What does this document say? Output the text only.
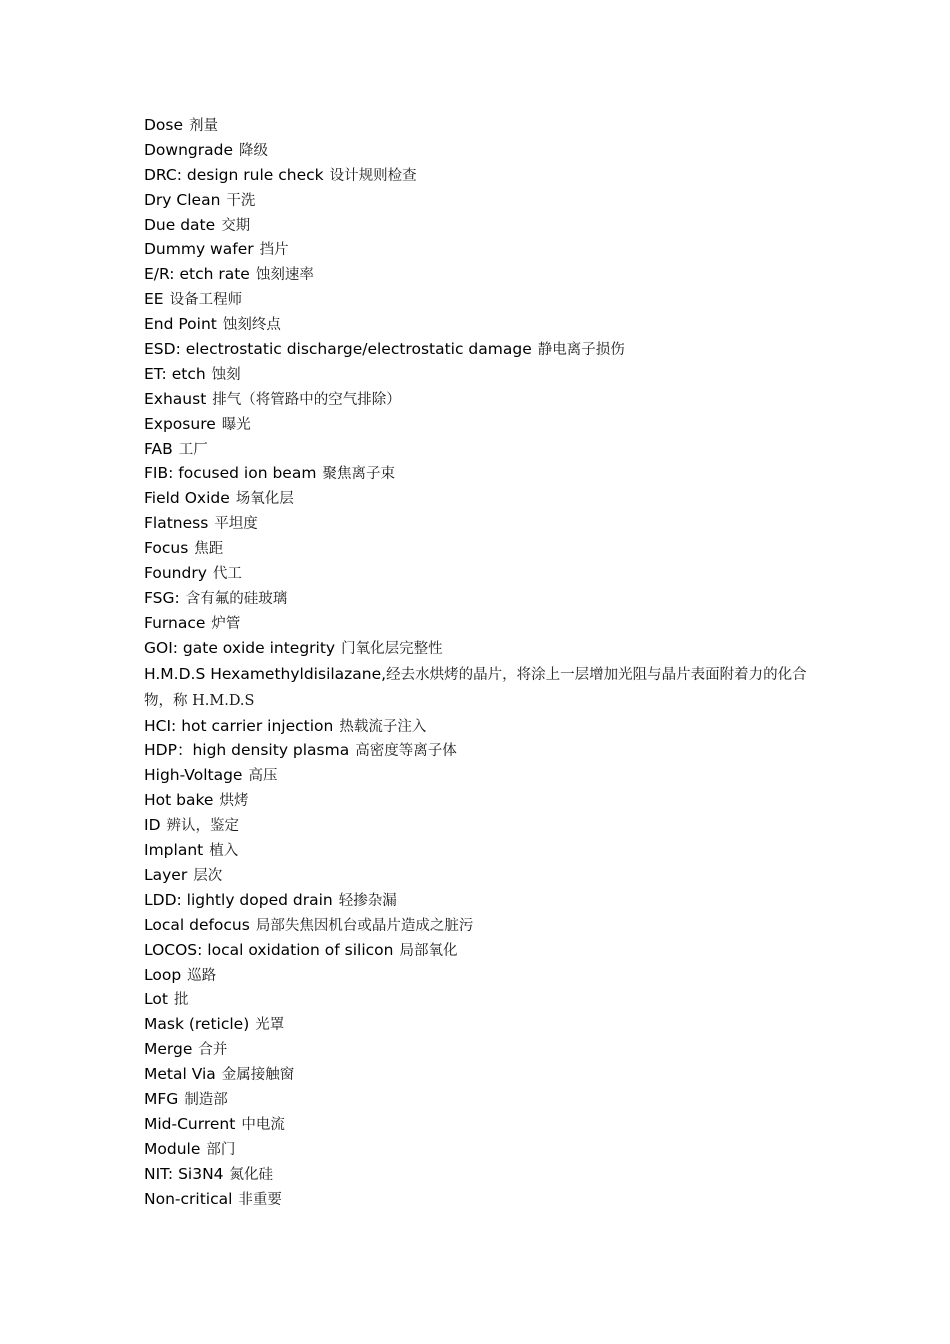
Dose 剂量
Downgrade 降级
DRC: design rule check 设计规则检查
Dry Clean 干洗
Due date 交期
Dummy wafer 挡片
E/R: etch rate 蚀刻速率
EE 设备工程师
End Point 蚀刻终点
ESD: electrostatic discharge/electrostatic damage 静电离子损伤
ET: etch 蚀刻
Exhaust 排气（将管路中的空气排除）
Exposure 曝光
FAB 工厂
FIB: focused ion beam 聚焦离子束
Field Oxide 场氧化层
Flatness 平坦度
Focus 焦距
Foundry 代工
FSG: 含有氟的硅玻璃
Furnace 炉管
GOI: gate oxide integrity 门氧化层完整性
H.M.D.S Hexamethyldisilazane,经去水烘烤的晶片，将涂上一层增加光阻与晶片表面附着力的化合物，称 H.M.D.S
HCI: hot carrier injection 热载流子注入
HDP：high density plasma 高密度等离子体
High-Voltage 高压
Hot bake 烘烤
ID 辨认，鉴定
Implant 植入
Layer 层次
LDD: lightly doped drain 轻掺杂漏
Local defocus 局部失焦因机台或晶片造成之脏污
LOCOS: local oxidation of silicon 局部氧化
Loop 巡路
Lot 批
Mask (reticle) 光罩
Merge 合并
Metal Via 金属接触窗
MFG 制造部
Mid-Current 中电流
Module 部门
NIT: Si3N4 氮化硅
Non-critical 非重要
